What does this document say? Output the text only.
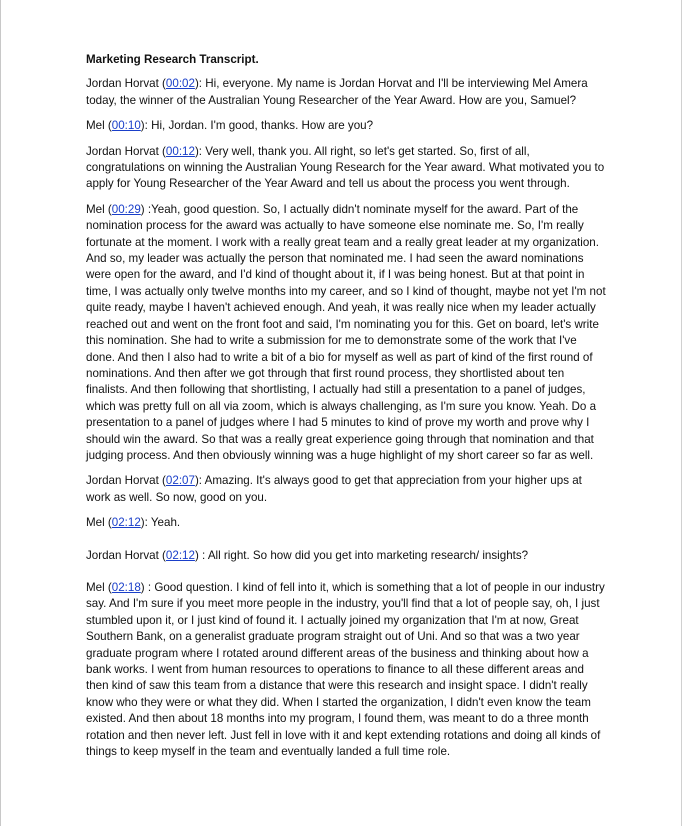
Marketing Research Transcript.

Jordan Horvat (00:02): Hi, everyone. My name is Jordan Horvat and I'll be interviewing Mel Amera today, the winner of the Australian Young Researcher of the Year Award. How are you, Samuel?

Mel (00:10): Hi, Jordan. I'm good, thanks. How are you?

Jordan Horvat (00:12): Very well, thank you. All right, so let's get started. So, first of all, congratulations on winning the Australian Young Research for the Year award. What motivated you to apply for Young Researcher of the Year Award and tell us about the process you went through.

Mel (00:29) :Yeah, good question. So, I actually didn't nominate myself for the award. Part of the nomination process for the award was actually to have someone else nominate me. So, I'm really fortunate at the moment. I work with a really great team and a really great leader at my organization. And so, my leader was actually the person that nominated me. I had seen the award nominations were open for the award, and I'd kind of thought about it, if I was being honest. But at that point in time, I was actually only twelve months into my career, and so I kind of thought, maybe not yet I'm not quite ready, maybe I haven't achieved enough. And yeah, it was really nice when my leader actually reached out and went on the front foot and said, I'm nominating you for this. Get on board, let's write this nomination. She had to write a submission for me to demonstrate some of the work that I've done. And then I also had to write a bit of a bio for myself as well as part of kind of the first round of nominations. And then after we got through that first round process, they shortlisted about ten finalists. And then following that shortlisting, I actually had still a presentation to a panel of judges, which was pretty full on all via zoom, which is always challenging, as I'm sure you know. Yeah. Do a presentation to a panel of judges where I had 5 minutes to kind of prove my worth and prove why I should win the award. So that was a really great experience going through that nomination and that judging process. And then obviously winning was a huge highlight of my short career so far as well.

Jordan Horvat (02:07): Amazing. It's always good to get that appreciation from your higher ups at work as well. So now, good on you.

Mel (02:12): Yeah.

Jordan Horvat (02:12) : All right. So how did you get into marketing research/ insights?

Mel (02:18) : Good question. I kind of fell into it, which is something that a lot of people in our industry say. And I'm sure if you meet more people in the industry, you'll find that a lot of people say, oh, I just stumbled upon it, or I just kind of found it. I actually joined my organization that I'm at now, Great Southern Bank, on a generalist graduate program straight out of Uni. And so that was a two year graduate program where I rotated around different areas of the business and thinking about how a bank works. I went from human resources to operations to finance to all these different areas and then kind of saw this team from a distance that were this research and insight space. I didn't really know who they were or what they did. When I started the organization, I didn't even know the team existed. And then about 18 months into my program, I found them, was meant to do a three month rotation and then never left. Just fell in love with it and kept extending rotations and doing all kinds of things to keep myself in the team and eventually landed a full time role.
